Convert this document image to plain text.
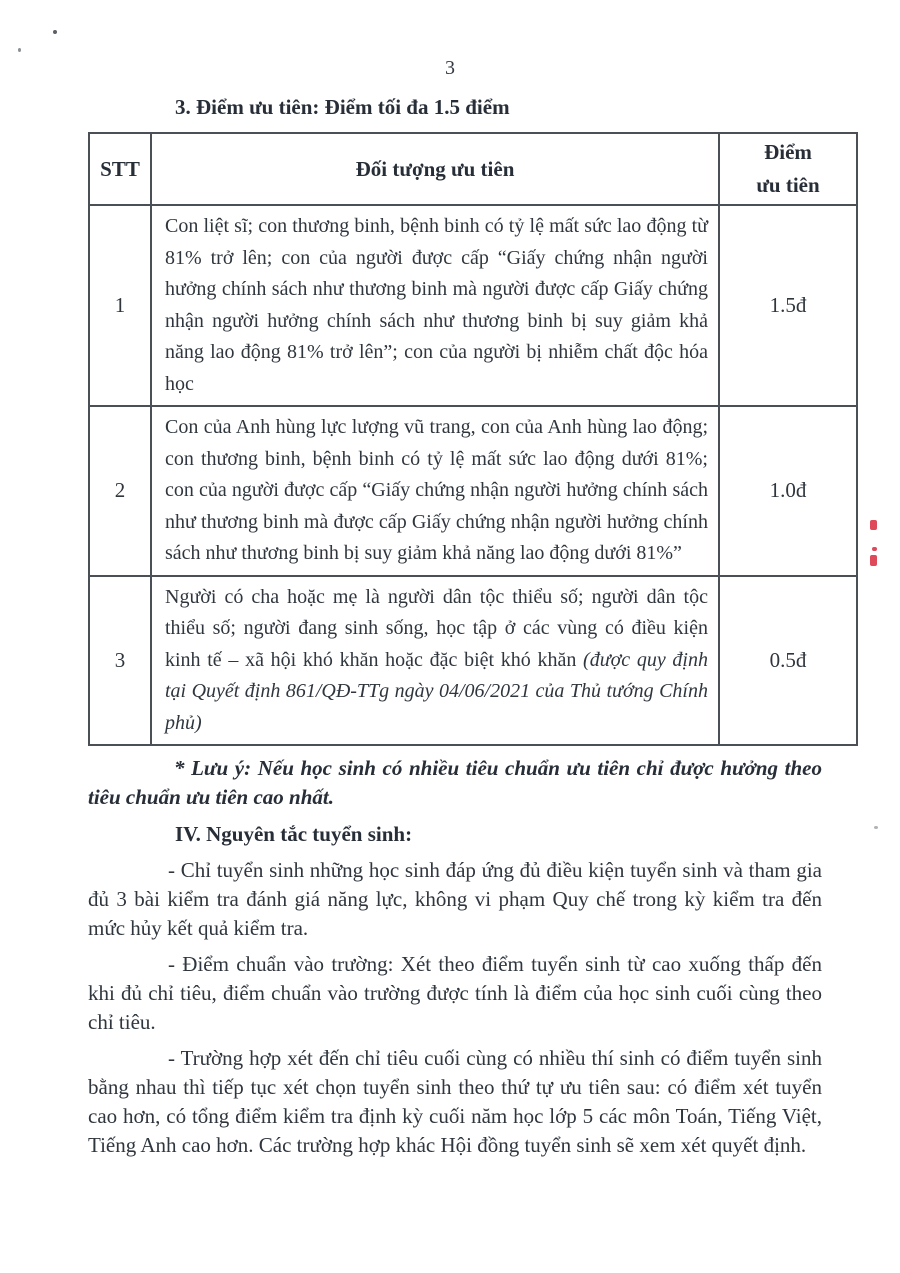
3
3. Điểm ưu tiên: Điểm tối đa 1.5 điểm
STT	Đối tượng ưu tiên	Điểm
ưu tiên

1	Con liệt sĩ; con thương binh, bệnh binh có tỷ lệ mất sức lao động từ 81% trở lên; con của người được cấp “Giấy chứng nhận người hưởng chính sách như thương binh mà người được cấp Giấy chứng nhận người hưởng chính sách như thương binh bị suy giảm khả năng lao động 81% trở lên”; con của người bị nhiễm chất độc hóa học	1.5đ
2	Con của Anh hùng lực lượng vũ trang, con của Anh hùng lao động; con thương binh, bệnh binh có tỷ lệ mất sức lao động dưới 81%; con của người được cấp “Giấy chứng nhận người hưởng chính sách như thương binh mà được cấp Giấy chứng nhận người hưởng chính sách như thương binh bị suy giảm khả năng lao động dưới 81%”	1.0đ
3	Người có cha hoặc mẹ là người dân tộc thiểu số; người dân tộc thiểu số; người đang sinh sống, học tập ở các vùng có điều kiện kinh tế – xã hội khó khăn hoặc đặc biệt khó khăn (được quy định tại Quyết định 861/QĐ-TTg ngày 04/06/2021 của Thủ tướng Chính phủ)	0.5đ

* Lưu ý: Nếu học sinh có nhiều tiêu chuẩn ưu tiên chỉ được hưởng theo tiêu chuẩn ưu tiên cao nhất.

IV. Nguyên tắc tuyển sinh:

- Chỉ tuyển sinh những học sinh đáp ứng đủ điều kiện tuyển sinh và tham gia đủ 3 bài kiểm tra đánh giá năng lực, không vi phạm Quy chế trong kỳ kiểm tra đến mức hủy kết quả kiểm tra.

- Điểm chuẩn vào trường: Xét theo điểm tuyển sinh từ cao xuống thấp đến khi đủ chỉ tiêu, điểm chuẩn vào trường được tính là điểm của học sinh cuối cùng theo chỉ tiêu.

- Trường hợp xét đến chỉ tiêu cuối cùng có nhiều thí sinh có điểm tuyển sinh bằng nhau thì tiếp tục xét chọn tuyển sinh theo thứ tự ưu tiên sau: có điểm xét tuyển cao hơn, có tổng điểm kiểm tra định kỳ cuối năm học lớp 5 các môn Toán, Tiếng Việt, Tiếng Anh cao hơn. Các trường hợp khác Hội đồng tuyển sinh sẽ xem xét quyết định.
